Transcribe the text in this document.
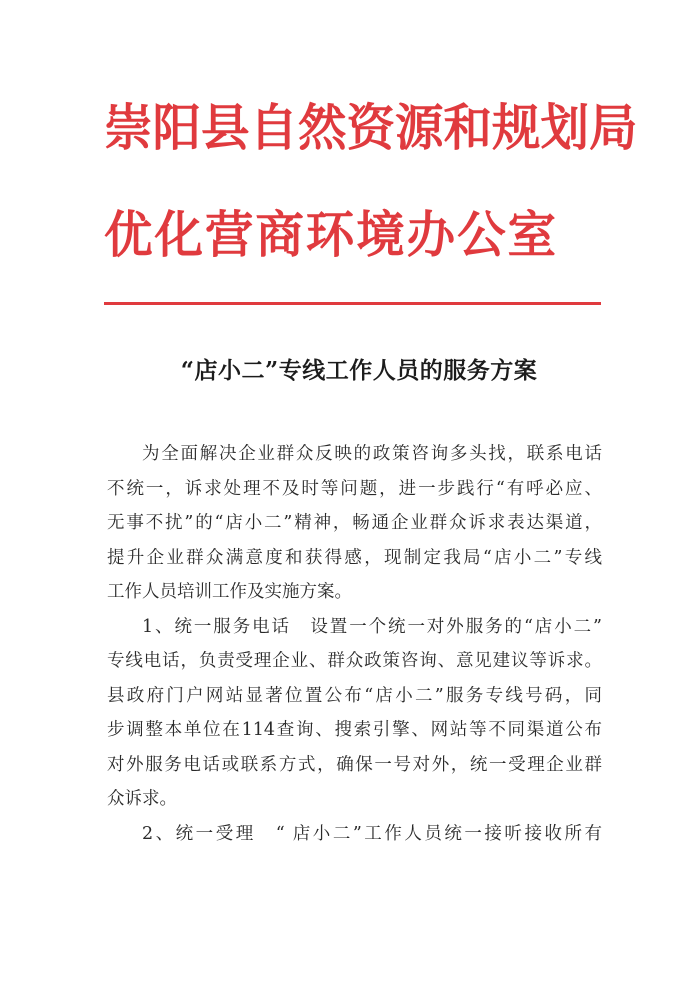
崇阳县自然资源和规划局
优化营商环境办公室
“店小二”专线工作人员的服务方案
为全面解决企业群众反映的政策咨询多头找，联系电话
不统一，诉求处理不及时等问题，进一步践行“有呼必应、
无事不扰”的“店小二”精神，畅通企业群众诉求表达渠道，
提升企业群众满意度和获得感，现制定我局“店小二”专线
工作人员培训工作及实施方案。
1、统一服务电话　设置一个统一对外服务的“店小二”
专线电话，负责受理企业、群众政策咨询、意见建议等诉求。
县政府门户网站显著位置公布“店小二”服务专线号码，同
步调整本单位在114查询、搜索引擎、网站等不同渠道公布
对外服务电话或联系方式，确保一号对外，统一受理企业群
众诉求。
2、统一受理　“ 店小二”工作人员统一接听接收所有
